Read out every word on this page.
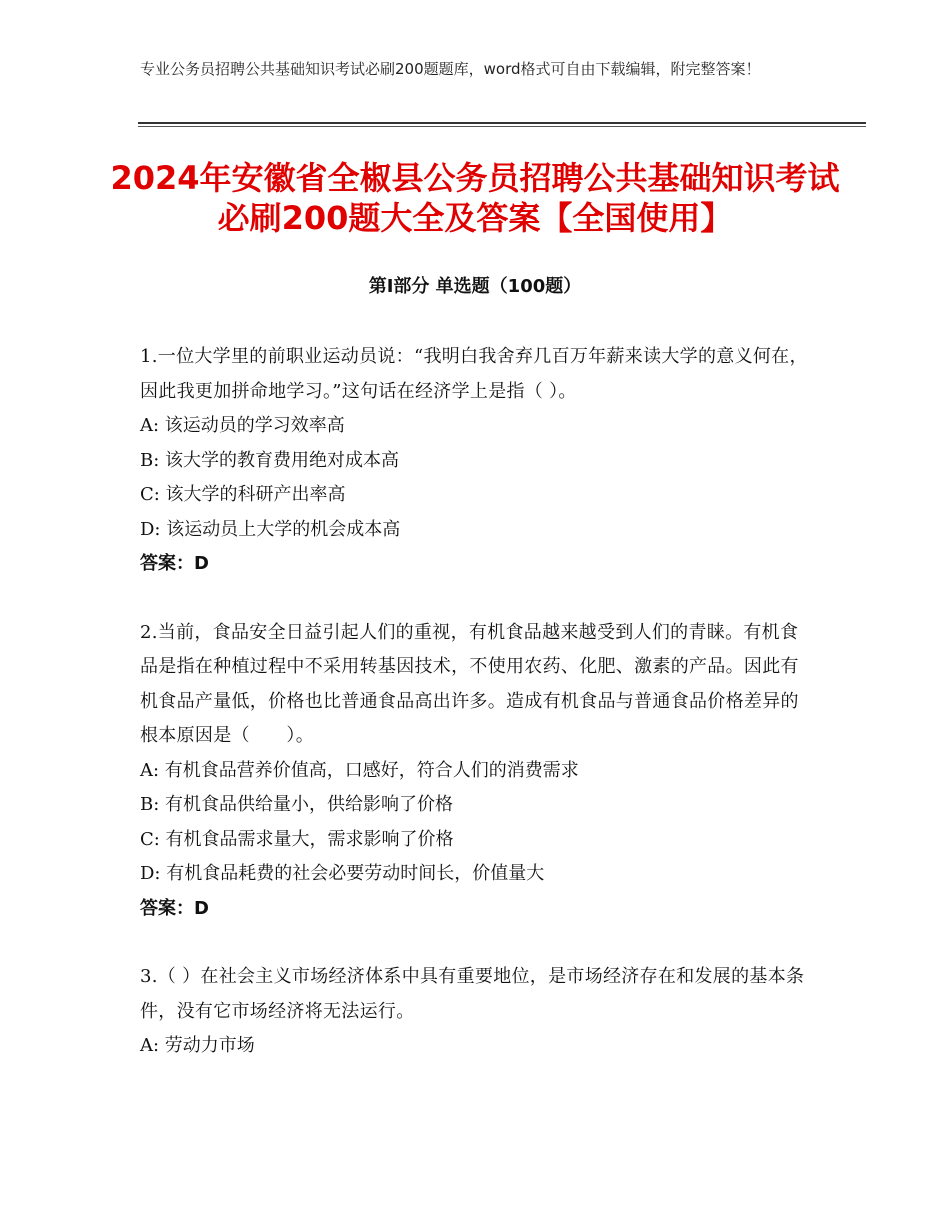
专业公务员招聘公共基础知识考试必刷200题题库，word格式可自由下载编辑，附完整答案！
2024年安徽省全椒县公务员招聘公共基础知识考试必刷200题大全及答案【全国使用】
第Ⅰ部分 单选题（100题）

1.一位大学里的前职业运动员说：“我明白我舍弃几百万年薪来读大学的意义何在，因此我更加拼命地学习。”这句话在经济学上是指（ ）。

A: 该运动员的学习效率高

B: 该大学的教育费用绝对成本高

C: 该大学的科研产出率高

D: 该运动员上大学的机会成本高

答案：D

2.当前，食品安全日益引起人们的重视，有机食品越来越受到人们的青睐。有机食品是指在种植过程中不采用转基因技术，不使用农药、化肥、激素的产品。因此有机食品产量低，价格也比普通食品高出许多。造成有机食品与普通食品价格差异的根本原因是（　　）。

A: 有机食品营养价值高，口感好，符合人们的消费需求

B: 有机食品供给量小，供给影响了价格

C: 有机食品需求量大，需求影响了价格

D: 有机食品耗费的社会必要劳动时间长，价值量大

答案：D

3.（ ）在社会主义市场经济体系中具有重要地位，是市场经济存在和发展的基本条件，没有它市场经济将无法运行。

A: 劳动力市场
